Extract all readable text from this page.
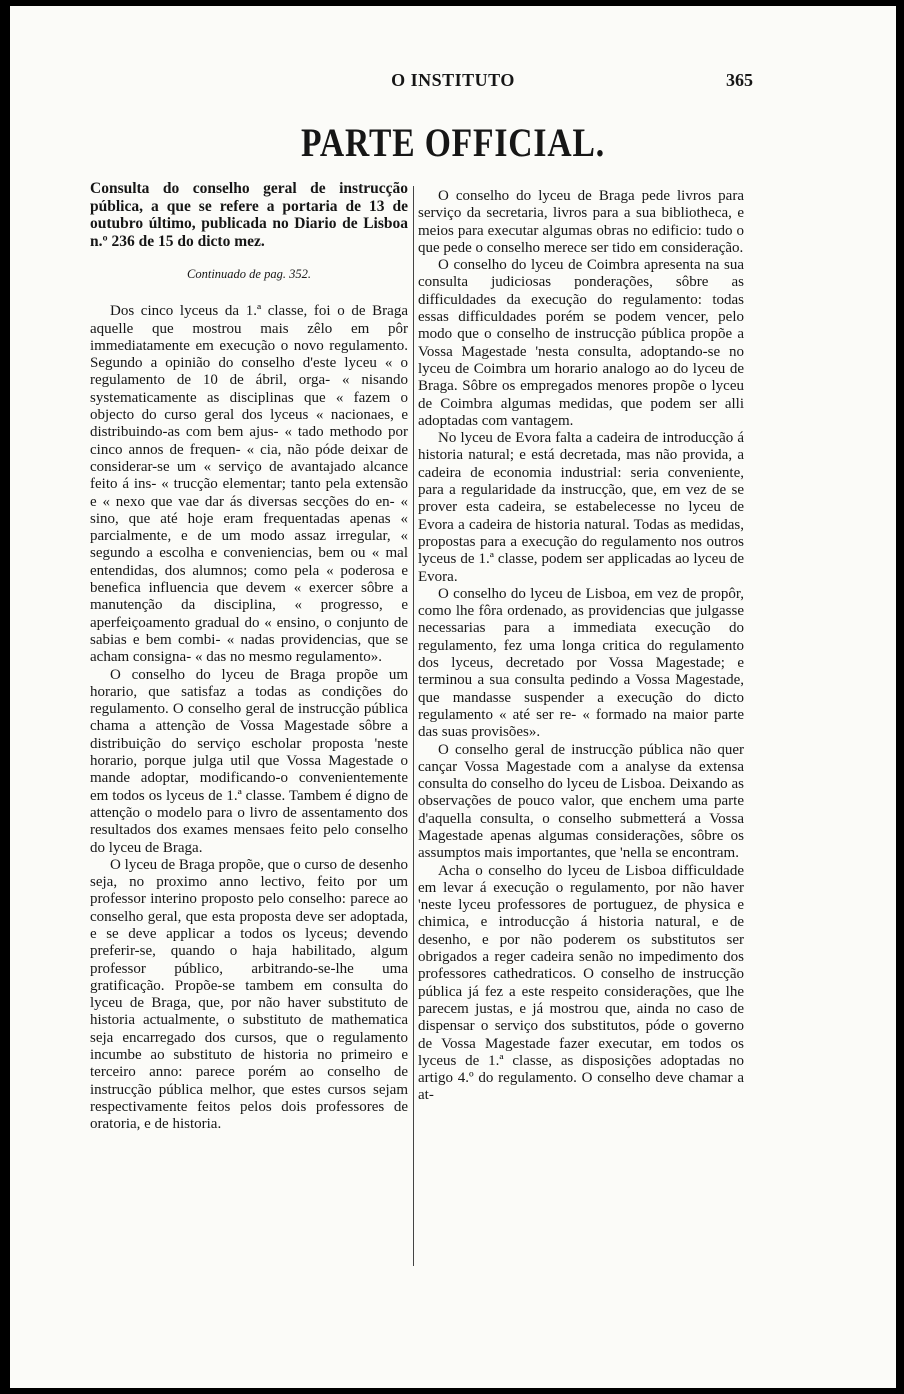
O INSTITUTO	365
PARTE OFFICIAL.
Consulta do conselho geral de instrucção pública, a que se refere a portaria de 13 de outubro último, publicada no Diario de Lisboa n.º 236 de 15 do dicto mez.
Continuado de pag. 352.

Dos cinco lyceus da 1.ª classe, foi o de Braga aquelle que mostrou mais zêlo em pôr immediatamente em execução o novo regulamento. Segundo a opinião do conselho d'este lyceu « o regulamento de 10 de ábril, orga- « nisando systematicamente as disciplinas que « fazem o objecto do curso geral dos lyceus « nacionaes, e distribuindo-as com bem ajus- « tado methodo por cinco annos de frequen- « cia, não póde deixar de considerar-se um « serviço de avantajado alcance feito á ins- « trucção elementar; tanto pela extensão e « nexo que vae dar ás diversas secções do en- « sino, que até hoje eram frequentadas apenas « parcialmente, e de um modo assaz irregular, « segundo a escolha e conveniencias, bem ou « mal entendidas, dos alumnos; como pela « poderosa e benefica influencia que devem « exercer sôbre a manutenção da disciplina, « progresso, e aperfeiçoamento gradual do « ensino, o conjunto de sabias e bem combi- « nadas providencias, que se acham consigna- « das no mesmo regulamento».

O conselho do lyceu de Braga propõe um horario, que satisfaz a todas as condições do regulamento. O conselho geral de instrucção pública chama a attenção de Vossa Magestade sôbre a distribuição do serviço escholar proposta 'neste horario, porque julga util que Vossa Magestade o mande adoptar, modificando-o convenientemente em todos os lyceus de 1.ª classe. Tambem é digno de attenção o modelo para o livro de assentamento dos resultados dos exames mensaes feito pelo conselho do lyceu de Braga.

O lyceu de Braga propõe, que o curso de desenho seja, no proximo anno lectivo, feito por um professor interino proposto pelo conselho: parece ao conselho geral, que esta proposta deve ser adoptada, e se deve applicar a todos os lyceus; devendo preferir-se, quando o haja habilitado, algum professor público, arbitrando-se-lhe uma gratificação. Propõe-se tambem em consulta do lyceu de Braga, que, por não haver substituto de historia actualmente, o substituto de mathematica seja encarregado dos cursos, que o regulamento incumbe ao substituto de historia no primeiro e terceiro anno: parece porém ao conselho de instrucção pública melhor, que estes cursos sejam respectivamente feitos pelos dois professores de oratoria, e de historia.

O conselho do lyceu de Braga pede livros para serviço da secretaria, livros para a sua bibliotheca, e meios para executar algumas obras no edificio: tudo o que pede o conselho merece ser tido em consideração.

O conselho do lyceu de Coimbra apresenta na sua consulta judiciosas ponderações, sôbre as difficuldades da execução do regulamento: todas essas difficuldades porém se podem vencer, pelo modo que o conselho de instrucção pública propõe a Vossa Magestade 'nesta consulta, adoptando-se no lyceu de Coimbra um horario analogo ao do lyceu de Braga. Sôbre os empregados menores propõe o lyceu de Coimbra algumas medidas, que podem ser alli adoptadas com vantagem.

No lyceu de Evora falta a cadeira de introducção á historia natural; e está decretada, mas não provida, a cadeira de economia industrial: seria conveniente, para a regularidade da instrucção, que, em vez de se prover esta cadeira, se estabelecesse no lyceu de Evora a cadeira de historia natural. Todas as medidas, propostas para a execução do regulamento nos outros lyceus de 1.ª classe, podem ser applicadas ao lyceu de Evora.

O conselho do lyceu de Lisboa, em vez de propôr, como lhe fôra ordenado, as providencias que julgasse necessarias para a immediata execução do regulamento, fez uma longa critica do regulamento dos lyceus, decretado por Vossa Magestade; e terminou a sua consulta pedindo a Vossa Magestade, que mandasse suspender a execução do dicto regulamento « até ser re- « formado na maior parte das suas provisões».

O conselho geral de instrucção pública não quer cançar Vossa Magestade com a analyse da extensa consulta do conselho do lyceu de Lisboa. Deixando as observações de pouco valor, que enchem uma parte d'aquella consulta, o conselho submetterá a Vossa Magestade apenas algumas considerações, sôbre os assumptos mais importantes, que 'nella se encontram.

Acha o conselho do lyceu de Lisboa difficuldade em levar á execução o regulamento, por não haver 'neste lyceu professores de portuguez, de physica e chimica, e introducção á historia natural, e de desenho, e por não poderem os substitutos ser obrigados a reger cadeira senão no impedimento dos professores cathedraticos. O conselho de instrucção pública já fez a este respeito considerações, que lhe parecem justas, e já mostrou que, ainda no caso de dispensar o serviço dos substitutos, póde o governo de Vossa Magestade fazer executar, em todos os lyceus de 1.ª classe, as disposições adoptadas no artigo 4.º do regulamento. O conselho deve chamar a at-
